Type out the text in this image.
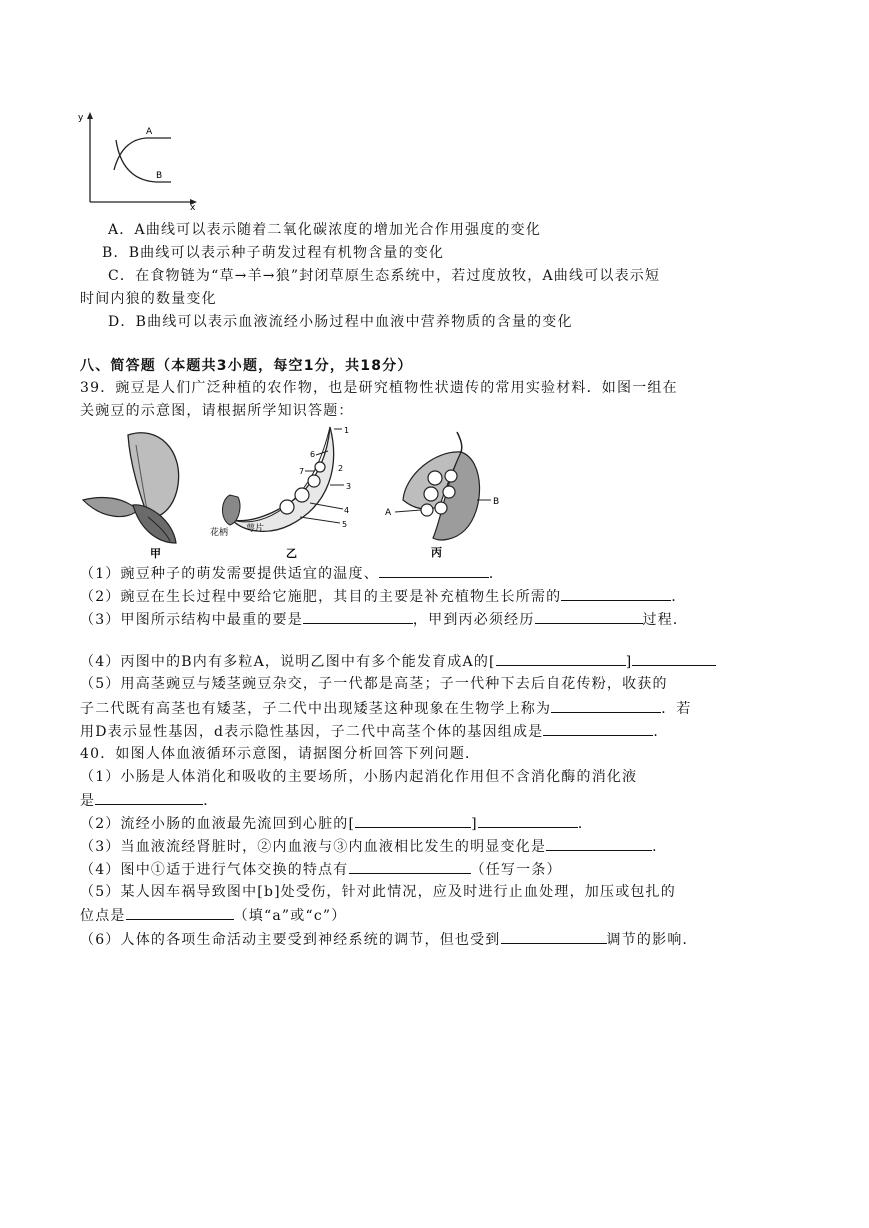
y
x
A
B
A．A曲线可以表示随着二氧化碳浓度的增加光合作用强度的变化
B．B曲线可以表示种子萌发过程有机物含量的变化
C．在食物链为“草→羊→狼”封闭草原生态系统中，若过度放牧，A曲线可以表示短
时间内狼的数量变化
D．B曲线可以表示血液流经小肠过程中血液中营养物质的含量的变化
八、简答题（本题共3小题，每空1分，共18分）
39．豌豆是人们广泛种植的农作物，也是研究植物性状遗传的常用实验材料．如图一组在
关豌豆的示意图，请根据所学知识答题：
甲
1
6
7	2
3
4
5
花柄 萼片
乙
A
B
丙
（1）豌豆种子的萌发需要提供适宜的温度、	．
（2）豌豆在生长过程中要给它施肥，其目的主要是补充植物生长所需的	．
（3）甲图所示结构中最重的要是	，甲到丙必须经历	过程．
（4）丙图中的B内有多粒A，说明乙图中有多个能发育成A的[	]
（5）用高茎豌豆与矮茎豌豆杂交，子一代都是高茎；子一代种下去后自花传粉，收获的
子二代既有高茎也有矮茎，子二代中出现矮茎这种现象在生物学上称为	．若
用D表示显性基因，d表示隐性基因，子二代中高茎个体的基因组成是	．
40．如图人体血液循环示意图，请据图分析回答下列问题．
（1）小肠是人体消化和吸收的主要场所，小肠内起消化作用但不含消化酶的消化液
是	．
（2）流经小肠的血液最先流回到心脏的[	]	．
（3）当血液流经肾脏时，②内血液与③内血液相比发生的明显变化是	．
（4）图中①适于进行气体交换的特点有	（任写一条）
（5）某人因车祸导致图中[b]处受伤，针对此情况，应及时进行止血处理，加压或包扎的
位点是	（填“a”或“c”）
（6）人体的各项生命活动主要受到神经系统的调节，但也受到	调节的影响．
